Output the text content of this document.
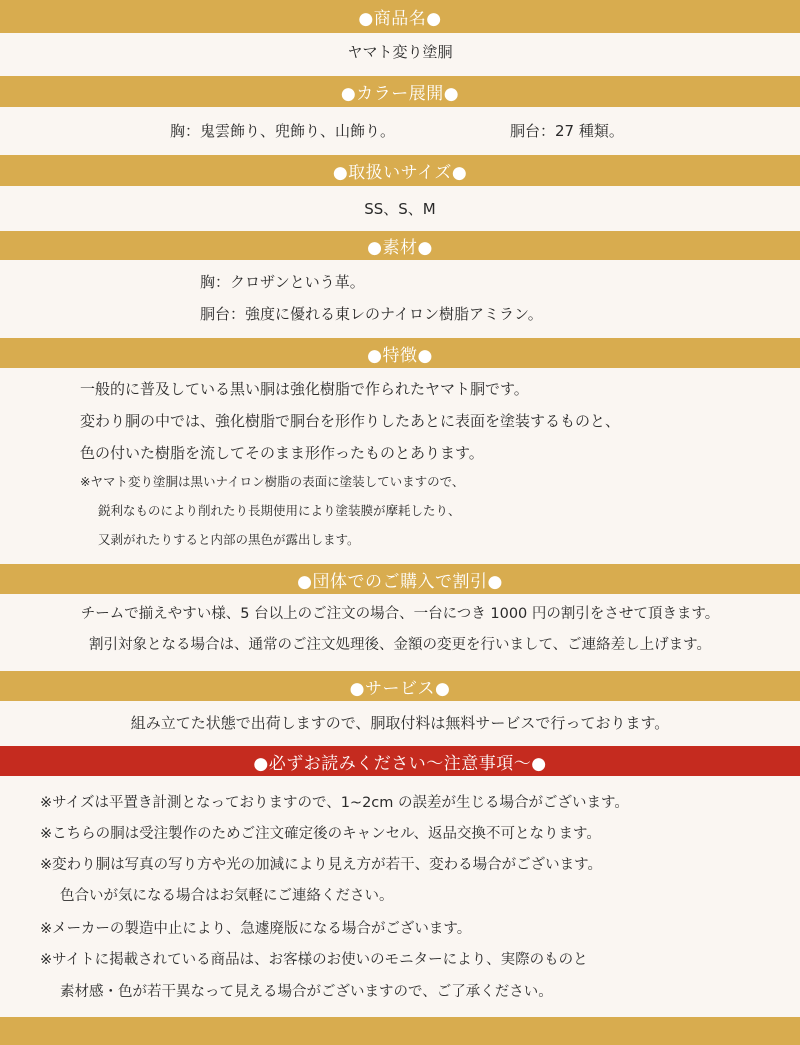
●商品名●
ヤマト変り塗胴
●カラー展開●
胸：鬼雲飾り、兜飾り、山飾り。	胴台：27 種類。
●取扱いサイズ●
SS、S、M
●素材●
胸：クロザンという革。
胴台：強度に優れる東レのナイロン樹脂アミラン。
●特徴●
一般的に普及している黒い胴は強化樹脂で作られたヤマト胴です。
変わり胴の中では、強化樹脂で胴台を形作りしたあとに表面を塗装するものと、
色の付いた樹脂を流してそのまま形作ったものとあります。
※ヤマト変り塗胴は黒いナイロン樹脂の表面に塗装していますので、
鋭利なものにより削れたり長期使用により塗装膜が摩耗したり、
又剥がれたりすると内部の黒色が露出します。
●団体でのご購入で割引●
チームで揃えやすい様、5 台以上のご注文の場合、一台につき 1000 円の割引をさせて頂きます。
割引対象となる場合は、通常のご注文処理後、金額の変更を行いまして、ご連絡差し上げます。
●サービス●
組み立てた状態で出荷しますので、胴取付料は無料サービスで行っております。
●必ずお読みください〜注意事項〜●
※サイズは平置き計測となっておりますので、1~2cm の誤差が生じる場合がございます。
※こちらの胴は受注製作のためご注文確定後のキャンセル、返品交換不可となります。
※変わり胴は写真の写り方や光の加減により見え方が若干、変わる場合がございます。
色合いが気になる場合はお気軽にご連絡ください。
※メーカーの製造中止により、急遽廃版になる場合がございます。
※サイトに掲載されている商品は、お客様のお使いのモニターにより、実際のものと
素材感・色が若干異なって見える場合がございますので、ご了承ください。
